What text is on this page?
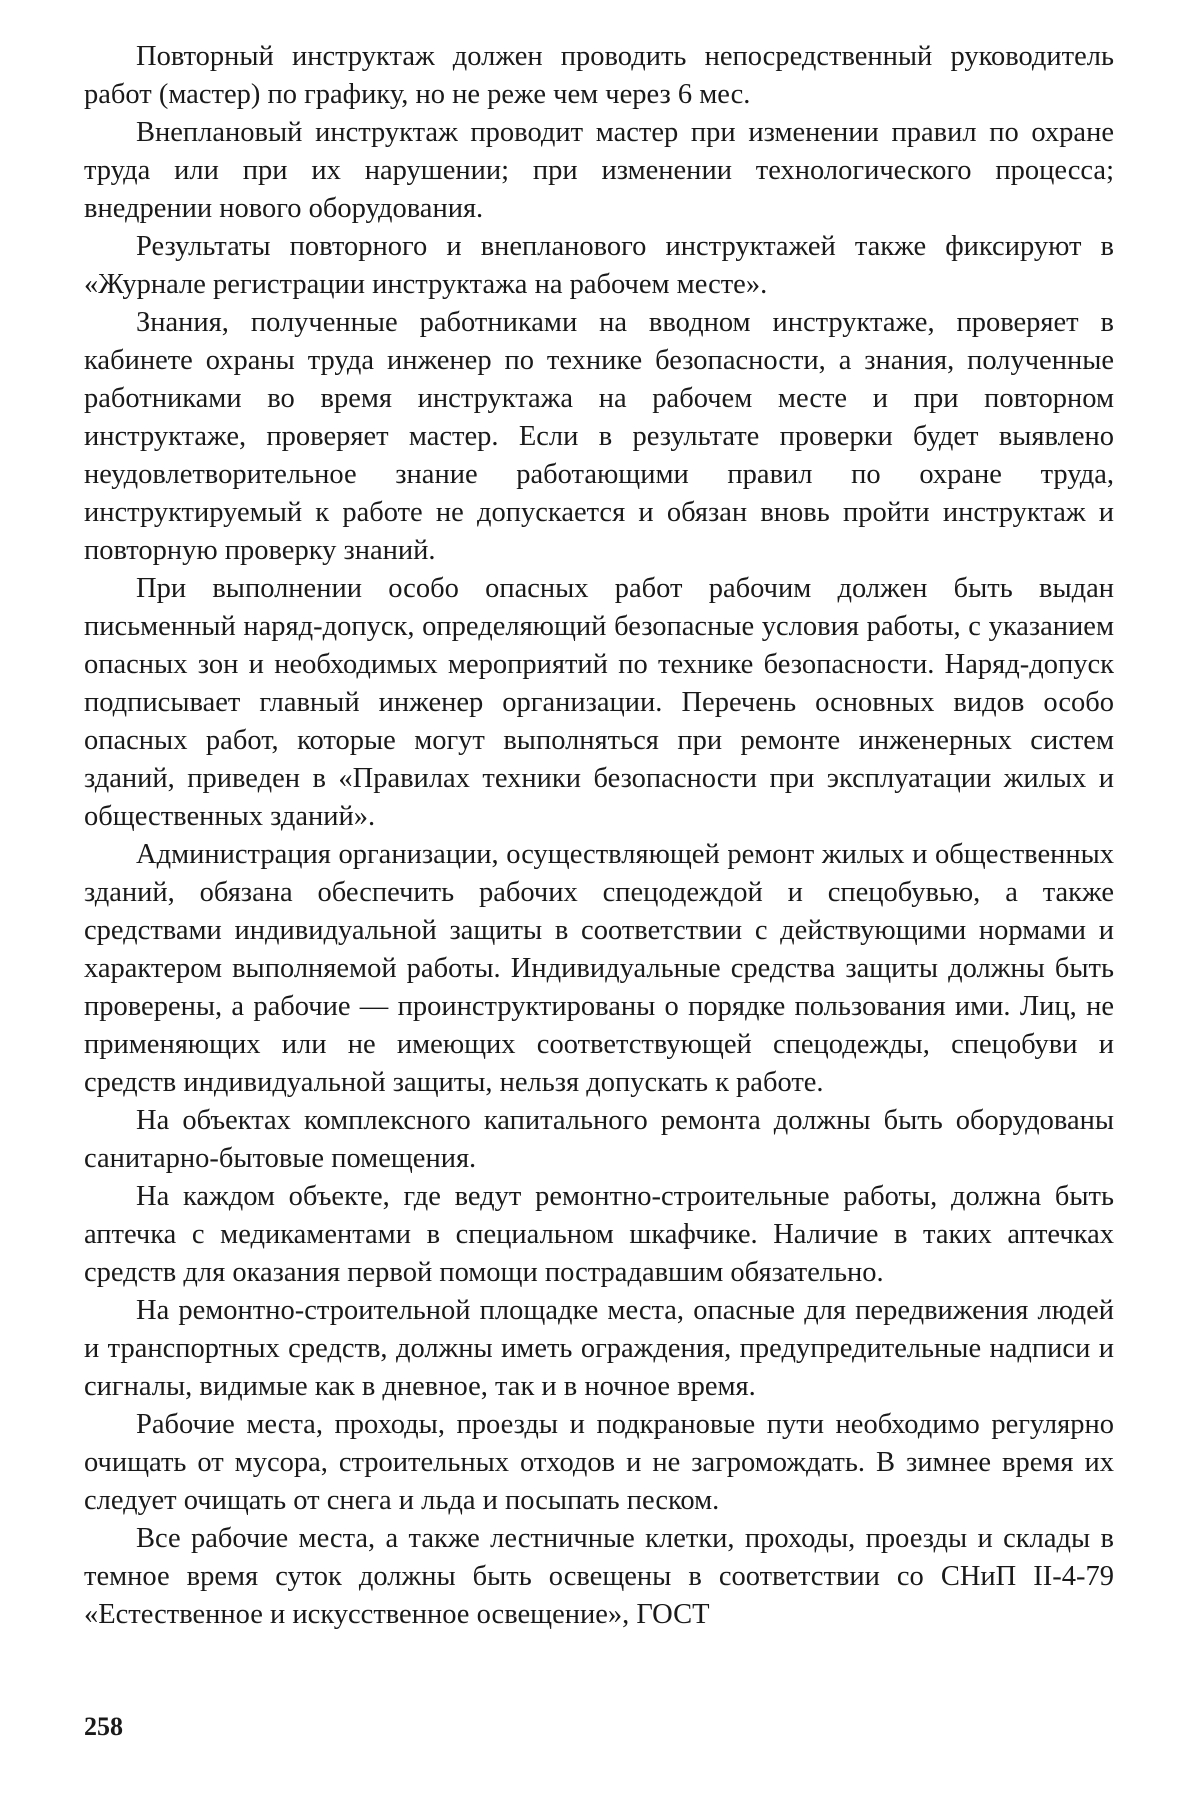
Повторный инструктаж должен проводить непосредственный руководитель работ (мастер) по графику, но не реже чем через 6 мес.

Внеплановый инструктаж проводит мастер при изменении правил по охране труда или при их нарушении; при изменении технологического процесса; внедрении нового оборудования.

Результаты повторного и внепланового инструктажей также фиксируют в «Журнале регистрации инструктажа на рабочем месте».

Знания, полученные работниками на вводном инструктаже, проверяет в кабинете охраны труда инженер по технике безопасности, а знания, полученные работниками во время инструктажа на рабочем месте и при повторном инструктаже, проверяет мастер. Если в результате проверки будет выявлено неудовлетворительное знание работающими правил по охране труда, инструктируемый к работе не допускается и обязан вновь пройти инструктаж и повторную проверку знаний.

При выполнении особо опасных работ рабочим должен быть выдан письменный наряд-допуск, определяющий безопасные условия работы, с указанием опасных зон и необходимых мероприятий по технике безопасности. Наряд-допуск подписывает главный инженер организации. Перечень основных видов особо опасных работ, которые могут выполняться при ремонте инженерных систем зданий, приведен в «Правилах техники безопасности при эксплуатации жилых и общественных зданий».

Администрация организации, осуществляющей ремонт жилых и общественных зданий, обязана обеспечить рабочих спецодеждой и спецобувью, а также средствами индивидуальной защиты в соответствии с действующими нормами и характером выполняемой работы. Индивидуальные средства защиты должны быть проверены, а рабочие — проинструктированы о порядке пользования ими. Лиц, не применяющих или не имеющих соответствующей спецодежды, спецобуви и средств индивидуальной защиты, нельзя допускать к работе.

На объектах комплексного капитального ремонта должны быть оборудованы санитарно-бытовые помещения.

На каждом объекте, где ведут ремонтно-строительные работы, должна быть аптечка с медикаментами в специальном шкафчике. Наличие в таких аптечках средств для оказания первой помощи пострадавшим обязательно.

На ремонтно-строительной площадке места, опасные для передвижения людей и транспортных средств, должны иметь ограждения, предупредительные надписи и сигналы, видимые как в дневное, так и в ночное время.

Рабочие места, проходы, проезды и подкрановые пути необходимо регулярно очищать от мусора, строительных отходов и не загромождать. В зимнее время их следует очищать от снега и льда и посыпать песком.

Все рабочие места, а также лестничные клетки, проходы, проезды и склады в темное время суток должны быть освещены в соответствии со СНиП II-4-79 «Естественное и искусственное освещение», ГОСТ

258
